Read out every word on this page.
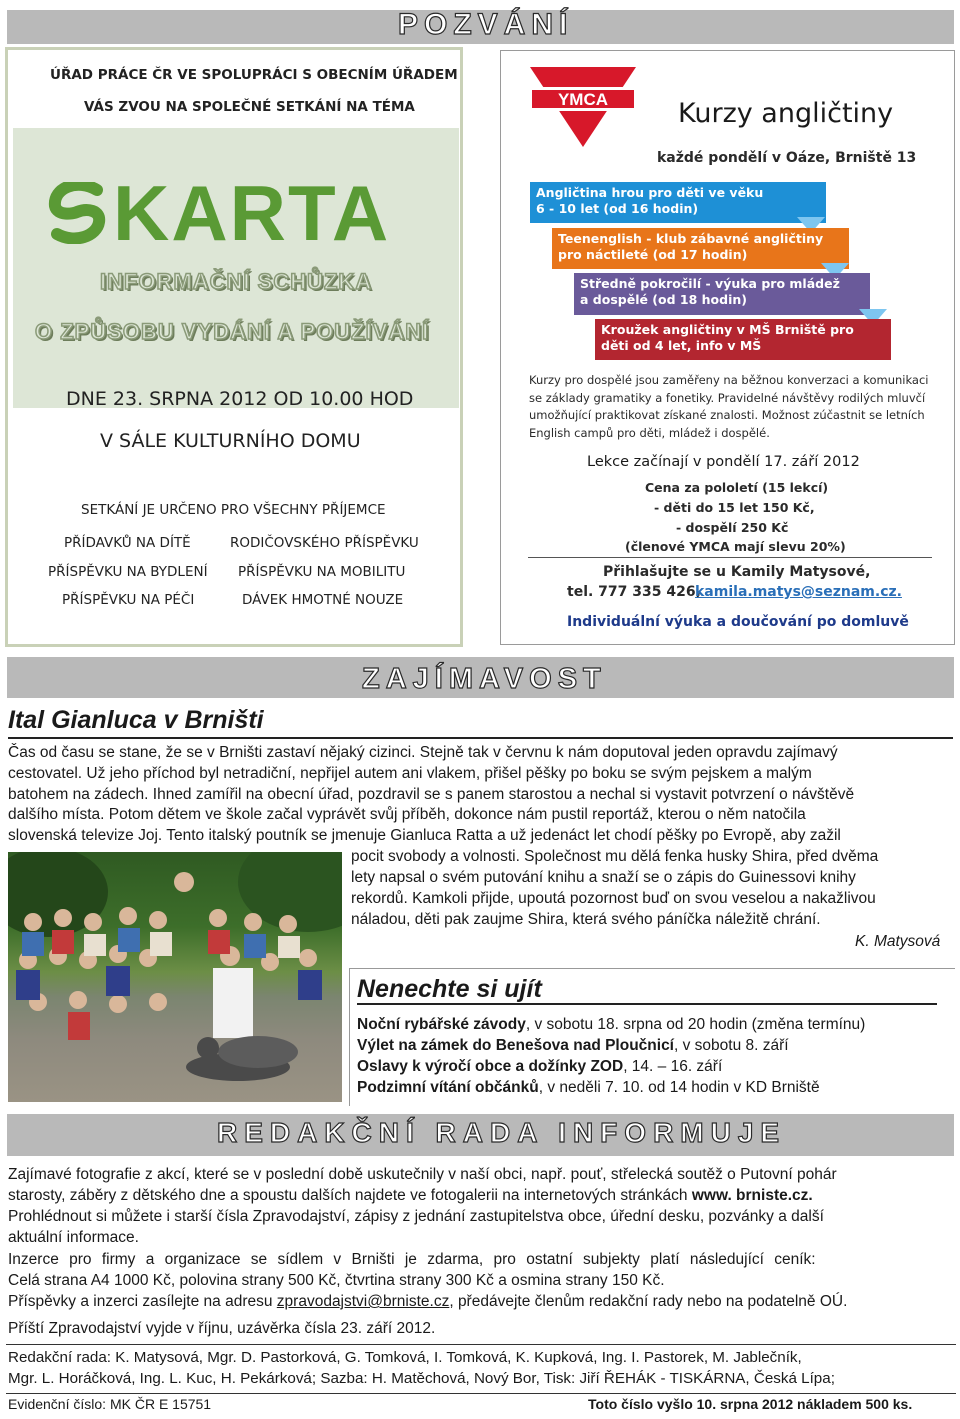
POZVÁNÍ
ÚŘAD PRÁCE ČR VE SPOLUPRÁCI S OBECNÍM ÚŘADEM
VÁS ZVOU NA SPOLEČNÉ SETKÁNÍ NA TÉMA
KARTA
INFORMAČNÍ SCHŮZKA
O ZPŮSOBU VYDÁNÍ A POUŽÍVÁNÍ
DNE 23. SRPNA 2012 OD 10.00 HOD
V SÁLE KULTURNÍHO DOMU
SETKÁNÍ JE URČENO PRO VŠECHNY PŘÍJEMCE
PŘÍDAVKŮ NA DÍTĚ
PŘÍSPĚVKU NA BYDLENÍ
PŘÍSPĚVKU NA PÉČI
RODIČOVSKÉHO PŘÍSPĚVKU
PŘÍSPĚVKU NA MOBILITU
DÁVEK HMOTNÉ NOUZE
YMCA	Kurzy angličtiny
každé pondělí v Oáze, Brniště 13
Angličtina hrou pro děti ve věku
6 - 10 let (od 16 hodin)
Teenenglish - klub zábavné angličtiny
pro náctileté (od 17 hodin)
Středně pokročilí - výuka pro mládež
a dospělé (od 18 hodin)
Kroužek angličtiny v MŠ Brniště pro
děti od 4 let, info v MŠ
Kurzy pro dospělé jsou zaměřeny na běžnou konverzaci a komunikaci
se základy gramatiky a fonetiky. Pravidelné návštěvy rodilých mluvčí
umožňující praktikovat získané znalosti. Možnost zúčastnit se letních
English campů pro děti, mládež i dospělé.
Lekce začínají v pondělí 17. září 2012
Cena za pololetí (15 lekcí)
- děti do 15 let 150 Kč,
- dospělí 250 Kč
(členové YMCA mají slevu 20%)
Přihlašujte se u Kamily Matysové,
tel. 777 335 426,
kamila.matys@seznam.cz.
Individuální výuka a doučování po domluvě
ZAJÍMAVOST
Ital Gianluca v Brništi
Čas od času se stane, že se v Brništi zastaví nějaký cizinci. Stejně tak v červnu k nám doputoval jeden opravdu zajímavý
cestovatel. Už jeho příchod byl netradiční, nepřijel autem ani vlakem, přišel pěšky po boku se svým pejskem a malým
batohem na zádech. Ihned zamířil na obecní úřad, pozdravil se s panem starostou a nechal si vystavit potvrzení o návštěvě
dalšího místa. Potom dětem ve škole začal vyprávět svůj příběh, dokonce nám pustil reportáž, kterou o něm natočila
slovenská televize Joj. Tento italský poutník se jmenuje Gianluca Ratta a už jedenáct let chodí pěšky po Evropě, aby zažil
pocit svobody a volnosti. Společnost mu dělá fenka husky Shira, před dvěma
lety napsal o svém putování knihu a snaží se o zápis do Guinessovi knihy
rekordů. Kamkoli přijde, upoutá pozornost buď on svou veselou a nakažlivou
náladou, děti pak zaujme Shira, která svého páníčka náležitě chrání.
K. Matysová
Nenechte si ujít
Noční rybářské závody, v sobotu 18. srpna od 20 hodin (změna termínu)
Výlet na zámek do Benešova nad Ploučnicí, v sobotu 8. září
Oslavy k výročí obce a dožínky ZOD, 14. – 16. září
Podzimní vítání občánků, v neděli 7. 10. od 14 hodin v KD Brniště
REDAKČNÍ RADA INFORMUJE
Zajímavé fotografie z akcí, které se v poslední době uskutečnily v naší obci, např. pouť, střelecká soutěž o Putovní pohár
starosty, záběry z dětského dne a spoustu dalších najdete ve fotogalerii na internetových stránkách www. brniste.cz.
Prohlédnout si můžete i starší čísla Zpravodajství, zápisy z jednání zastupitelstva obce, úřední desku, pozvánky a další
aktuální informace.
Inzerce pro firmy a organizace se sídlem v Brništi je zdarma, pro ostatní subjekty platí následující ceník:
Celá strana A4 1000 Kč, polovina strany 500 Kč, čtvrtina strany 300 Kč a osmina strany 150 Kč.
Příspěvky a inzerci zasílejte na adresu zpravodajstvi@brniste.cz, předávejte členům redakční rady nebo na podatelně OÚ.
Příští Zpravodajství vyjde v říjnu, uzávěrka čísla 23. září 2012.
Redakční rada: K. Matysová, Mgr. D. Pastorková, G. Tomková, I. Tomková, K. Kupková, Ing. I. Pastorek, M. Jablečník,
Mgr. L. Horáčková, Ing. L. Kuc, H. Pekárková; Sazba: H. Matěchová, Nový Bor, Tisk: Jiří ŘEHÁK - TISKÁRNA, Česká Lípa;
Evidenční číslo: MK ČR E 15751	Toto číslo vyšlo 10. srpna 2012 nákladem 500 ks.
